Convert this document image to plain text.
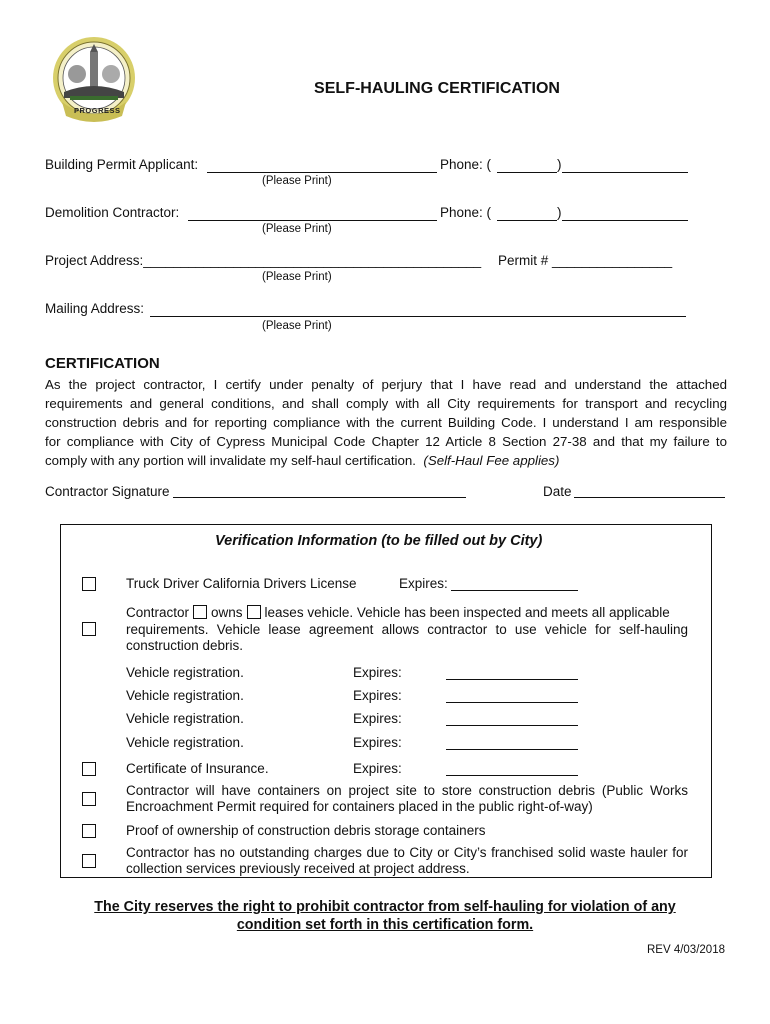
PROGRESS
SELF-HAULING CERTIFICATION
Building Permit Applicant:	Phone: (	)
(Please Print)
Demolition Contractor:	Phone: (	)
(Please Print)
Project Address:_____________________________________________ Permit # ________________
(Please Print)
Mailing Address:
(Please Print)
CERTIFICATION
As the project contractor, I certify under penalty of perjury that I have read and understand the attached
requirements and general conditions, and shall comply with all City requirements for transport and recycling
construction debris and for reporting compliance with the current Building Code. I understand I am responsible
for compliance with City of Cypress Municipal Code Chapter 12 Article 8 Section 27-38 and that my failure to
comply with any portion will invalidate my self-haul certification. (Self-Haul Fee applies)
Contractor Signature	Date
Verification Information (to be filled out by City)
Truck Driver California Drivers License	Expires:
Contractor owns leases vehicle. Vehicle has been inspected and meets all applicable
requirements. Vehicle lease agreement allows contractor to use vehicle for self-hauling
construction debris.
Vehicle registration.	Expires:
Vehicle registration.	Expires:
Vehicle registration.	Expires:
Vehicle registration.	Expires:
Certificate of Insurance.	Expires:
Contractor will have containers on project site to store construction debris (Public Works
Encroachment Permit required for containers placed in the public right-of-way)
Proof of ownership of construction debris storage containers
Contractor has no outstanding charges due to City or City’s franchised solid waste hauler for
collection services previously received at project address.
The City reserves the right to prohibit contractor from self-hauling for violation of any
condition set forth in this certification form.
REV 4/03/2018
